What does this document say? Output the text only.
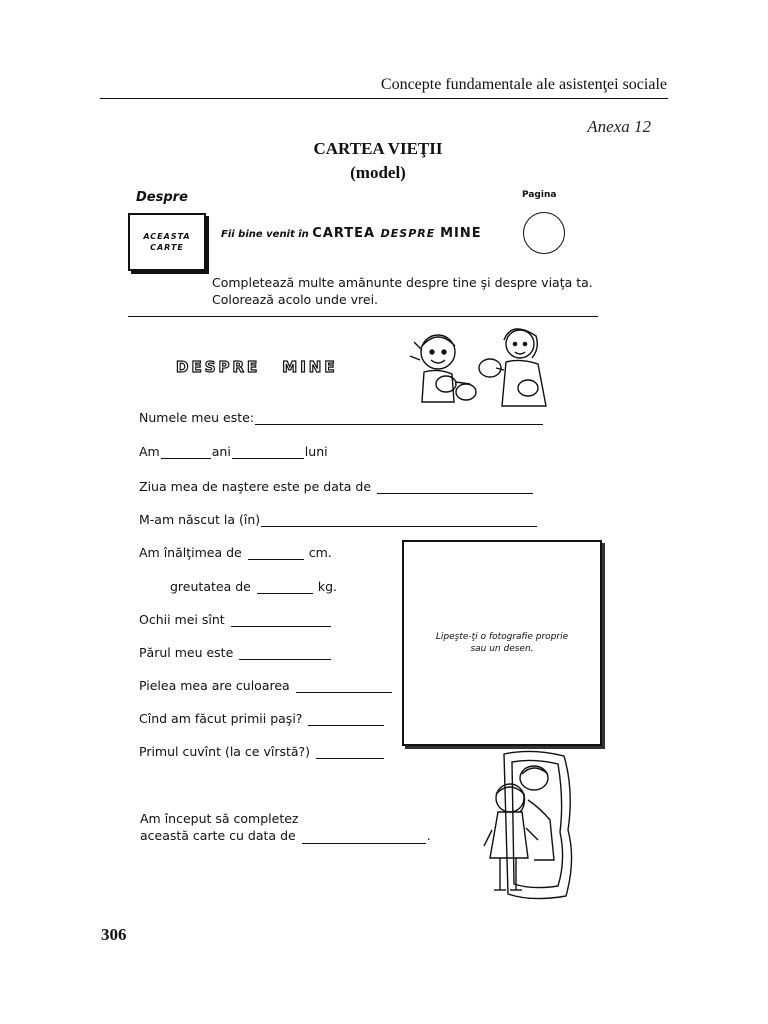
Concepte fundamentale ale asistenţei sociale
Anexa 12
CARTEA VIEŢII
(model)
Despre	Pagina
ACEASTA
CARTE
Fii bine venit în CARTEA DESPRE MINE
Completează multe amănunte despre tine şi despre viaţa ta.
Colorează acolo unde vrei.
DESPRE MINE
Numele meu este:
Am	ani	luni
Ziua mea de naştere este pe data de
M-am născut la (în)
Am înălţimea de	cm.
greutatea de	kg.
Ochii mei sînt
Părul meu este
Pielea mea are culoarea
Cînd am făcut primii paşi?
Primul cuvînt (la ce vîrstă?)
Lipeşte-ţi o fotografie proprie
sau un desen.
Am început să completez
această carte cu data de	.
306
